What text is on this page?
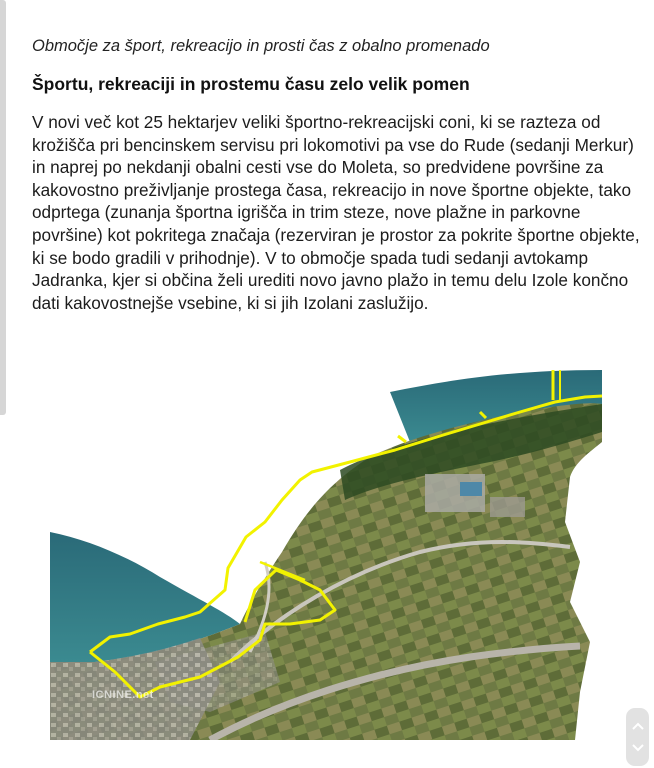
Območje za šport, rekreacijo in prosti čas z obalno promenado
Športu, rekreaciji in prostemu času zelo velik pomen
V novi več kot 25 hektarjev veliki športno-rekreacijski coni, ki se razteza od
krožišča pri bencinskem servisu pri lokomotivi pa vse do Rude (sedanji Merkur)
in naprej po nekdanji obalni cesti vse do Moleta, so predvidene površine za
kakovostno preživljanje prostega časa, rekreacijo in nove športne objekte, tako
odprtega (zunanja športna igrišča in trim steze, nove plažne in parkovne
površine) kot pokritega značaja (rezerviran je prostor za pokrite športne objekte,
ki se bodo gradili v prihodnje). V to območje spada tudi sedanji avtokamp
Jadranka, kjer si občina želi urediti novo javno plažo in temu delu Izole končno
dati kakovostnejše vsebine, ki si jih Izolani zaslužijo.
ICNINE.net
